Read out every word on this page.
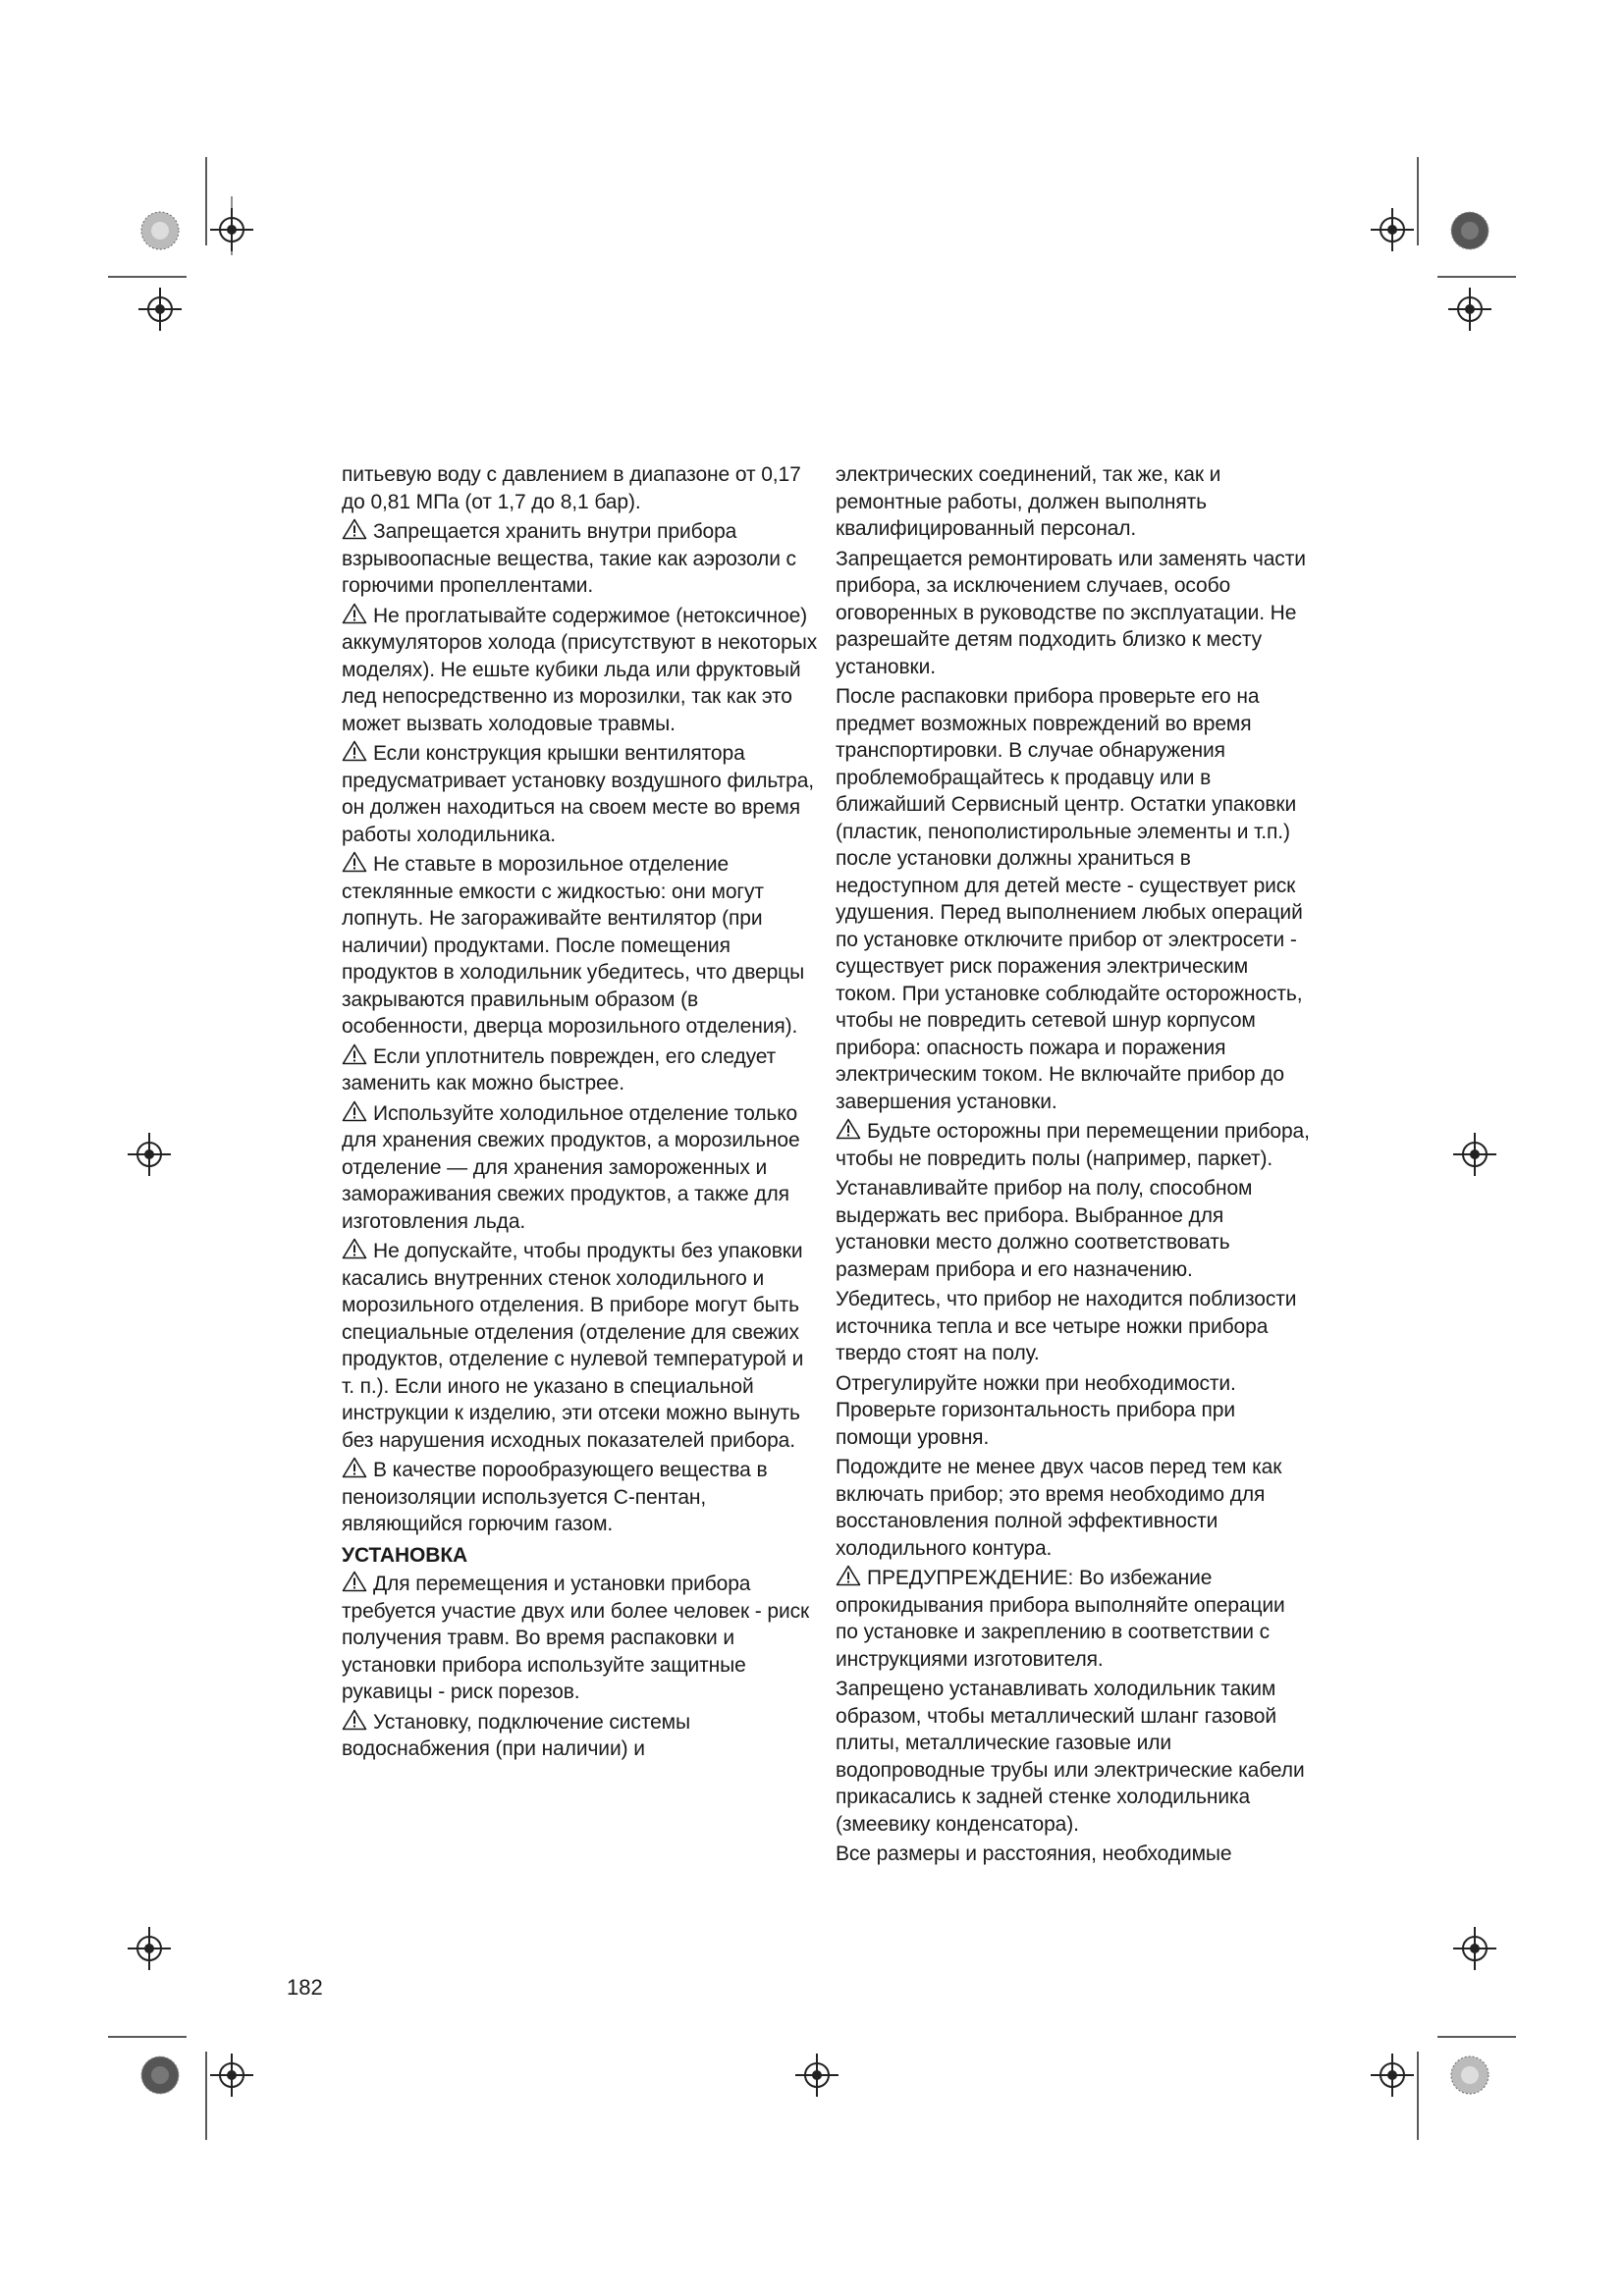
питьевую воду с давлением в диапазоне от 0,17 до 0,81 МПа (от 1,7 до 8,1 бар).
Запрещается хранить внутри прибора взрывоопасные вещества, такие как аэрозоли с горючими пропеллентами.
Не проглатывайте содержимое (нетоксичное) аккумуляторов холода (присутствуют в некоторых моделях). Не ешьте кубики льда или фруктовый лед непосредственно из морозилки, так как это может вызвать холодовые травмы.
Если конструкция крышки вентилятора предусматривает установку воздушного фильтра, он должен находиться на своем месте во время работы холодильника.
Не ставьте в морозильное отделение стеклянные емкости с жидкостью: они могут лопнуть. Не загораживайте вентилятор (при наличии) продуктами. После помещения продуктов в холодильник убедитесь, что дверцы закрываются правильным образом (в особенности, дверца морозильного отделения).
Если уплотнитель поврежден, его следует заменить как можно быстрее.
Используйте холодильное отделение только для хранения свежих продуктов, а морозильное отделение — для хранения замороженных и замораживания свежих продуктов, а также для изготовления льда.
Не допускайте, чтобы продукты без упаковки касались внутренних стенок холодильного и морозильного отделения. В приборе могут быть специальные отделения (отделение для свежих продуктов, отделение с нулевой температурой и т. п.). Если иного не указано в специальной инструкции к изделию, эти отсеки можно вынуть без нарушения исходных показателей прибора.
В качестве порообразующего вещества в пеноизоляции используется С-пентан, являющийся горючим газом.
УСТАНОВКА
Для перемещения и установки прибора требуется участие двух или более человек - риск получения травм. Во время распаковки и установки прибора используйте защитные рукавицы - риск порезов.
Установку, подключение системы водоснабжения (при наличии) и
электрических соединений, так же, как и ремонтные работы, должен выполнять квалифицированный персонал.
Запрещается ремонтировать или заменять части прибора, за исключением случаев, особо оговоренных в руководстве по эксплуатации. Не разрешайте детям подходить близко к месту установки.
После распаковки прибора проверьте его на предмет возможных повреждений во время транспортировки. В случае обнаружения проблемобращайтесь к продавцу или в ближайший Сервисный центр. Остатки упаковки (пластик, пенополистирольные элементы и т.п.) после установки должны храниться в недоступном для детей месте - существует риск удушения. Перед выполнением любых операций по установке отключите прибор от электросети - существует риск поражения электрическим током. При установке соблюдайте осторожность, чтобы не повредить сетевой шнур корпусом прибора: опасность пожара и поражения электрическим током. Не включайте прибор до завершения установки.
Будьте осторожны при перемещении прибора, чтобы не повредить полы (например, паркет).
Устанавливайте прибор на полу, способном выдержать вес прибора. Выбранное для установки место должно соответствовать размерам прибора и его назначению.
Убедитесь, что прибор не находится поблизости источника тепла и все четыре ножки прибора твердо стоят на полу.
Отрегулируйте ножки при необходимости. Проверьте горизонтальность прибора при помощи уровня.
Подождите не менее двух часов перед тем как включать прибор; это время необходимо для восстановления полной эффективности холодильного контура.
ПРЕДУПРЕЖДЕНИЕ: Во избежание опрокидывания прибора выполняйте операции по установке и закреплению в соответствии с инструкциями изготовителя.
Запрещено устанавливать холодильник таким образом, чтобы металлический шланг газовой плиты, металлические газовые или водопроводные трубы или электрические кабели прикасались к задней стенке холодильника (змеевику конденсатора).
Все размеры и расстояния, необходимые
182
